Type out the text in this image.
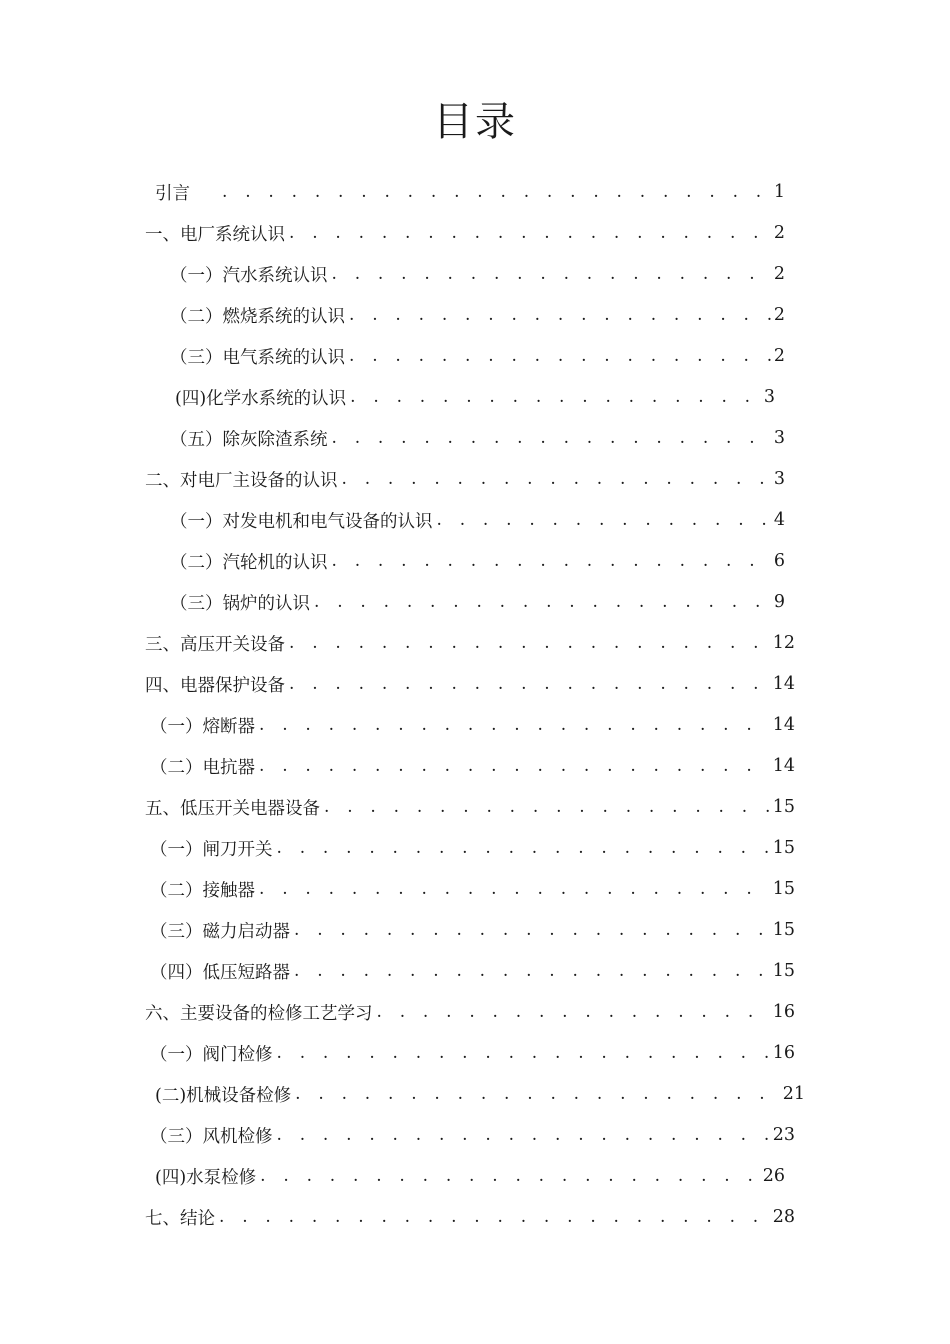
目录
引言 . . .	1
一、电厂系统认识 . . .	2
（一）汽水系统认识 . . .	2
（二）燃烧系统的认识 . . .	2
（三）电气系统的认识 . . .	2
(四)化学水系统的认识 . . .	3
（五）除灰除渣系统 . . .	3
二、对电厂主设备的认识 . . .	3
（一）对发电机和电气设备的认识 . . .	4
（二）汽轮机的认识 . . .	6
（三）锅炉的认识 . . .	9
三、高压开关设备 . . .	12
四、电器保护设备 . . .	14
（一）熔断器 . . .	14
（二）电抗器 . . .	14
五、低压开关电器设备 . . .	15
（一）闸刀开关 . . .	15
（二）接触器 . . .	15
（三）磁力启动器 . . .	15
（四）低压短路器 . . .	15
六、主要设备的检修工艺学习 . . .	16
（一）阀门检修 . . .	16
(二)机械设备检修 . . .	21
（三）风机检修 . . .	23
(四)水泵检修 . . .	26
七、结论 . . .	28
